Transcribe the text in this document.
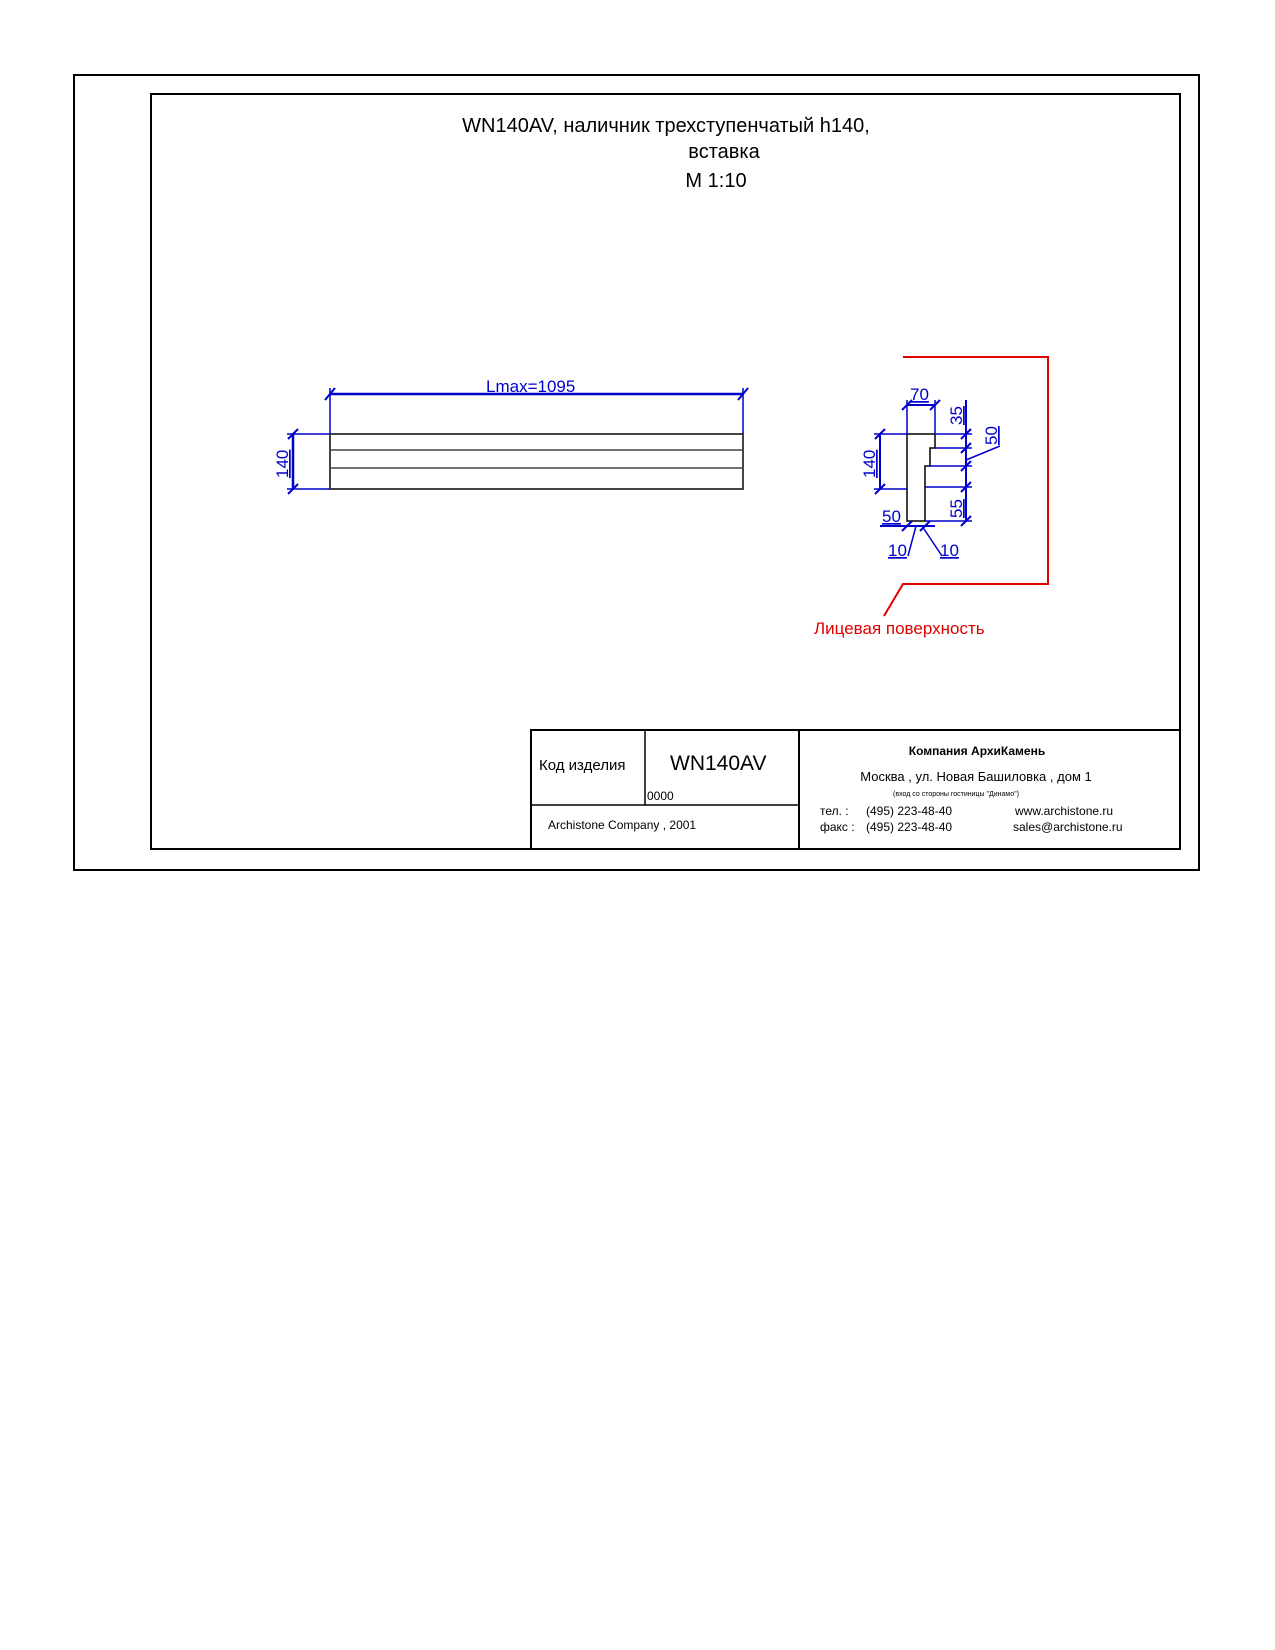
WN140AV, наличник трехступенчатый h140,
вставка
M 1:10
Lmax=1095
140
70
35
55
50
140
50
10 10
Лицевая поверхность
Код изделия WN140AV
0000
Archistone Company , 2001
Компания АрхиКамень
Москва , ул. Новая Башиловка , дом 1
(вход со стороны гостиницы "Динамо")
тел. : (495) 223-48-40	www.archistone.ru
факс : (495) 223-48-40	sales@archistone.ru
